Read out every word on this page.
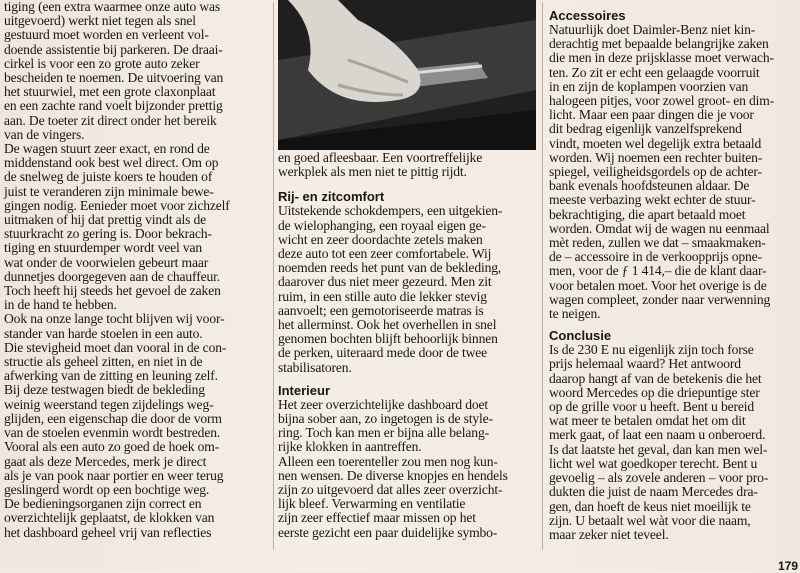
tiging (een extra waarmee onze auto was
uitgevoerd) werkt niet tegen als snel
gestuurd moet worden en verleent vol-
doende assistentie bij parkeren. De draai-
cirkel is voor een zo grote auto zeker
bescheiden te noemen. De uitvoering van
het stuurwiel, met een grote claxonplaat
en een zachte rand voelt bijzonder prettig
aan. De toeter zit direct onder het bereik
van de vingers.
De wagen stuurt zeer exact, en rond de
middenstand ook best wel direct. Om op
de snelweg de juiste koers te houden of
juist te veranderen zijn minimale bewe-
gingen nodig. Eenieder moet voor zichzelf
uitmaken of hij dat prettig vindt als de
stuurkracht zo gering is. Door bekrach-
tiging en stuurdemper wordt veel van
wat onder de voorwielen gebeurt maar
dunnetjes doorgegeven aan de chauffeur.
Toch heeft hij steeds het gevoel de zaken
in de hand te hebben.
Ook na onze lange tocht blijven wij voor-
stander van harde stoelen in een auto.
Die stevigheid moet dan vooral in de con-
structie als geheel zitten, en niet in de
afwerking van de zitting en leuning zelf.
Bij deze testwagen biedt de bekleding
weinig weerstand tegen zijdelings weg-
glijden, een eigenschap die door de vorm
van de stoelen evenmin wordt bestreden.
Vooral als een auto zo goed de hoek om-
gaat als deze Mercedes, merk je direct
als je van pook naar portier en weer terug
geslingerd wordt op een bochtige weg.
De bedieningsorganen zijn correct en
overzichtelijk geplaatst, de klokken van
het dashboard geheel vrij van reflecties

en goed afleesbaar. Een voortreffelijke
werkplek als men niet te pittig rijdt.

Rij- en zitcomfort

Uitstekende schokdempers, een uitgekien-
de wielophanging, een royaal eigen ge-
wicht en zeer doordachte zetels maken
deze auto tot een zeer comfortabele. Wij
noemden reeds het punt van de bekleding,
daarover dus niet meer gezeurd. Men zit
ruim, in een stille auto die lekker stevig
aanvoelt; een gemotoriseerde matras is
het allerminst. Ook het overhellen in snel
genomen bochten blijft behoorlijk binnen
de perken, uiteraard mede door de twee
stabilisatoren.

Interieur

Het zeer overzichtelijke dashboard doet
bijna sober aan, zo ingetogen is de style-
ring. Toch kan men er bijna alle belang-
rijke klokken in aantreffen.
Alleen een toerenteller zou men nog kun-
nen wensen. De diverse knopjes en hendels
zijn zo uitgevoerd dat alles zeer overzicht-
lijk bleef. Verwarming en ventilatie
zijn zeer effectief maar missen op het
eerste gezicht een paar duidelijke symbo-

Accessoires

Natuurlijk doet Daimler-Benz niet kin-
derachtig met bepaalde belangrijke zaken
die men in deze prijsklasse moet verwach-
ten. Zo zit er echt een gelaagde voorruit
in en zijn de koplampen voorzien van
halogeen pitjes, voor zowel groot- en dim-
licht. Maar een paar dingen die je voor
dit bedrag eigenlijk vanzelfsprekend
vindt, moeten wel degelijk extra betaald
worden. Wij noemen een rechter buiten-
spiegel, veiligheidsgordels op de achter-
bank evenals hoofdsteunen aldaar. De
meeste verbazing wekt echter de stuur-
bekrachtiging, die apart betaald moet
worden. Omdat wij de wagen nu eenmaal
mèt reden, zullen we dat – smaakmaken-
de – accessoire in de verkoopprijs opne-
men, voor de ƒ 1 414,– die de klant daar-
voor betalen moet. Voor het overige is de
wagen compleet, zonder naar verwenning
te neigen.

Conclusie

Is de 230 E nu eigenlijk zijn toch forse
prijs helemaal waard? Het antwoord
daarop hangt af van de betekenis die het
woord Mercedes op die driepuntige ster
op de grille voor u heeft. Bent u bereid
wat meer te betalen omdat het om dit
merk gaat, of laat een naam u onberoerd.
Is dat laatste het geval, dan kan men wel-
licht wel wat goedkoper terecht. Bent u
gevoelig – als zovele anderen – voor pro-
dukten die juist de naam Mercedes dra-
gen, dan hoeft de keus niet moeilijk te
zijn. U betaalt wel wàt voor die naam,
maar zeker niet teveel.

179
